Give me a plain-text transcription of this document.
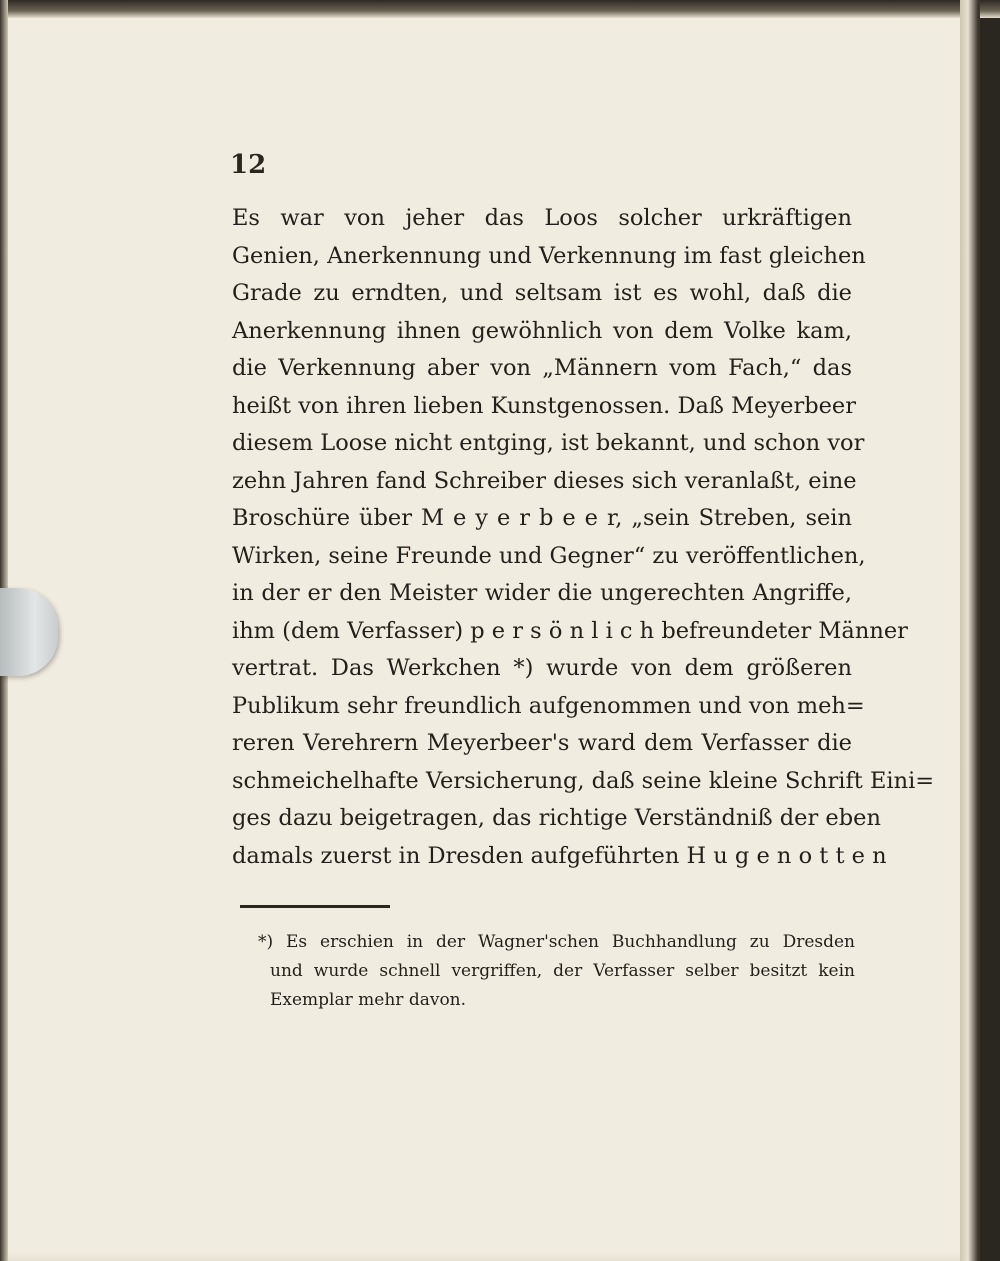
12
Es war von jeher das Loos solcher urkräftigen
Genien, Anerkennung und Verkennung im fast gleichen
Grade zu erndten, und seltsam ist es wohl, daß die
Anerkennung ihnen gewöhnlich von dem Volke kam,
die Verkennung aber von „Männern vom Fach,“ das
heißt von ihren lieben Kunstgenossen. Daß Meyerbeer
diesem Loose nicht entging, ist bekannt, und schon vor
zehn Jahren fand Schreiber dieses sich veranlaßt, eine
Broschüre über M e y e r b e e r, „sein Streben, sein
Wirken, seine Freunde und Gegner“ zu veröffentlichen,
in der er den Meister wider die ungerechten Angriffe,
ihm (dem Verfasser) p e r s ö n l i c h befreundeter Männer
vertrat. Das Werkchen *) wurde von dem größeren
Publikum sehr freundlich aufgenommen und von meh=
reren Verehrern Meyerbeer's ward dem Verfasser die
schmeichelhafte Versicherung, daß seine kleine Schrift Eini=
ges dazu beigetragen, das richtige Verständniß der eben
damals zuerst in Dresden aufgeführten H u g e n o t t e n
*) Es erschien in der Wagner'schen Buchhandlung zu Dresden
und wurde schnell vergriffen, der Verfasser selber besitzt kein
Exemplar mehr davon.
